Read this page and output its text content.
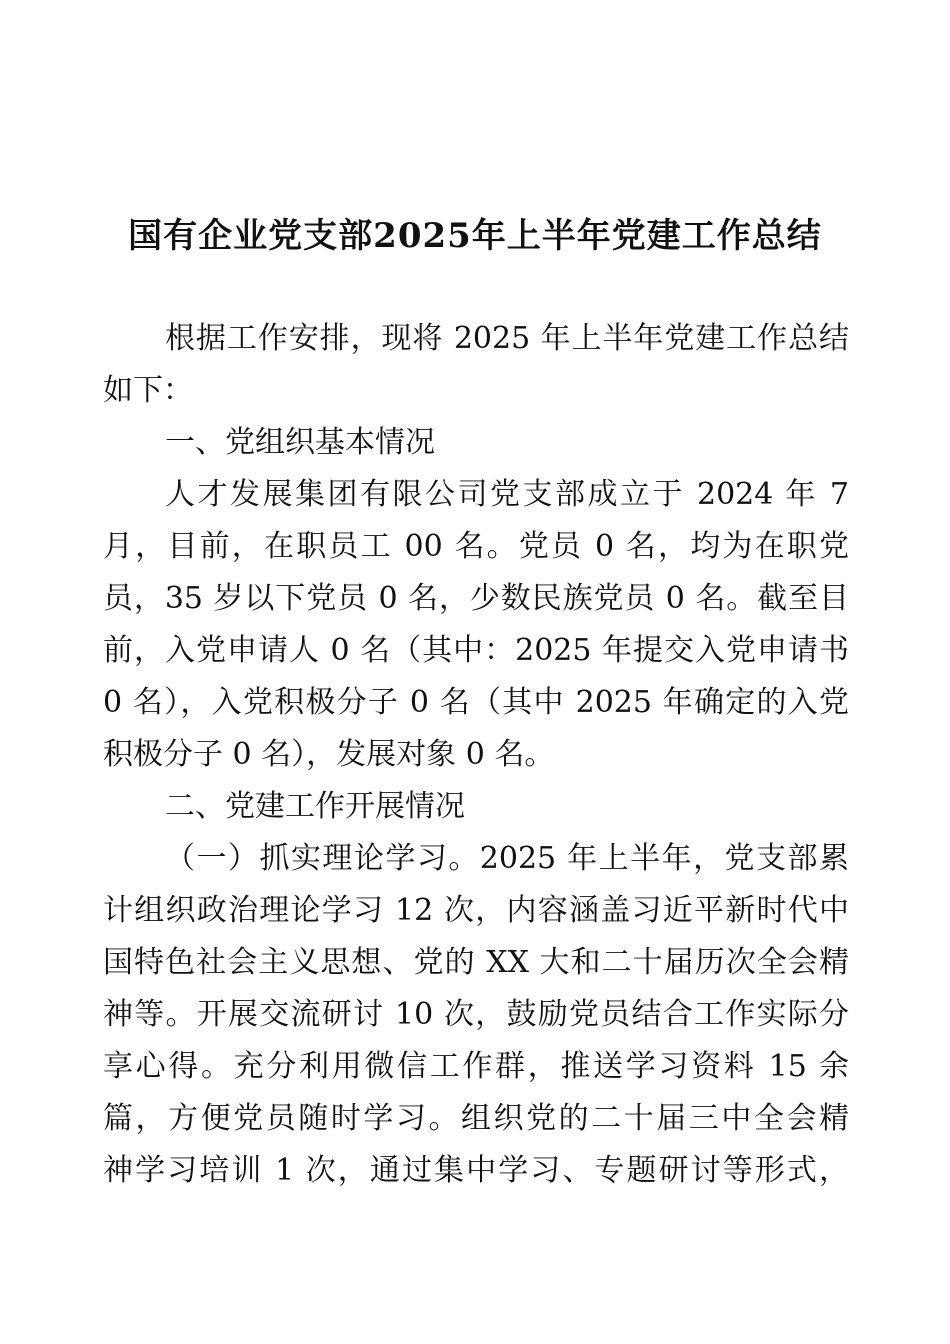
国有企业党支部2025年上半年党建工作总结
根据工作安排，现将 2025 年上半年党建工作总结
如下：
一、党组织基本情况
人才发展集团有限公司党支部成立于 2024 年 7
月，目前，在职员工 00 名。党员 0 名，均为在职党
员，35 岁以下党员 0 名，少数民族党员 0 名。截至目
前，入党申请人 0 名（其中：2025 年提交入党申请书
0 名），入党积极分子 0 名（其中 2025 年确定的入党
积极分子 0 名），发展对象 0 名。
二、党建工作开展情况
（一）抓实理论学习。2025 年上半年，党支部累
计组织政治理论学习 12 次，内容涵盖习近平新时代中
国特色社会主义思想、党的 XX 大和二十届历次全会精
神等。开展交流研讨 10 次，鼓励党员结合工作实际分
享心得。充分利用微信工作群，推送学习资料 15 余
篇，方便党员随时学习。组织党的二十届三中全会精
神学习培训 1 次，通过集中学习、专题研讨等形式，
